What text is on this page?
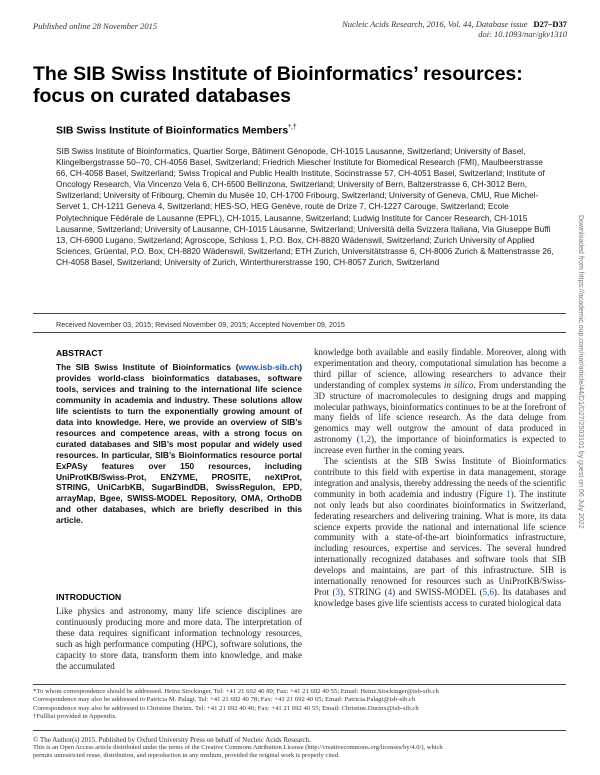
Published online 28 November 2015	Nucleic Acids Research, 2016, Vol. 44, Database issue D27–D37
doi: 10.1093/nar/gkv1310
The SIB Swiss Institute of Bioinformatics’ resources: focus on curated databases
SIB Swiss Institute of Bioinformatics Members*,†
SIB Swiss Institute of Bioinformatics, Quartier Sorge, Bâtiment Génopode, CH-1015 Lausanne, Switzerland; University of Basel, Klingelbergstrasse 50–70, CH-4056 Basel, Switzerland; Friedrich Miescher Institute for Biomedical Research (FMI), Maulbeerstrasse 66, CH-4058 Basel, Switzerland; Swiss Tropical and Public Health Institute, Socinstrasse 57, CH-4051 Basel, Switzerland; Institute of Oncology Research, Via Vincenzo Vela 6, CH-6500 Bellinzona, Switzerland; University of Bern, Baltzerstrasse 6, CH-3012 Bern, Switzerland; University of Fribourg, Chemin du Musée 10, CH-1700 Fribourg, Switzerland; University of Geneva, CMU, Rue Michel-Servet 1, CH-1211 Geneva 4, Switzerland; HES-SO, HEG Genève, route de Drize 7, CH-1227 Carouge, Switzerland; Ecole Polytechnique Fédérale de Lausanne (EPFL), CH-1015, Lausanne, Switzerland; Ludwig Institute for Cancer Research, CH-1015 Lausanne, Switzerland; University of Lausanne, CH-1015 Lausanne, Switzerland; Università della Svizzera Italiana, Via Giuseppe Buffi 13, CH-6900 Lugano, Switzerland; Agroscope, Schloss 1, P.O. Box, CH-8820 Wädenswil, Switzerland; Zurich University of Applied Sciences, Grüental, P.O. Box, CH-8820 Wädenswil, Switzerland; ETH Zurich, Universitätstrasse 6, CH-8006 Zurich & Mattenstrasse 26, CH-4058 Basel, Switzerland; University of Zurich, Winterthurerstrasse 190, CH-8057 Zurich, Switzerland
Received November 03, 2015; Revised November 09, 2015; Accepted November 09, 2015
ABSTRACT
The SIB Swiss Institute of Bioinformatics (www.isb-sib.ch) provides world-class bioinformatics databases, software tools, services and training to the international life science community in academia and industry. These solutions allow life scientists to turn the exponentially growing amount of data into knowledge. Here, we provide an overview of SIB’s resources and competence areas, with a strong focus on curated databases and SIB’s most popular and widely used resources. In particular, SIB’s Bioinformatics resource portal ExPASy features over 150 resources, including UniProtKB/Swiss-Prot, ENZYME, PROSITE, neXtProt, STRING, UniCarbKB, SugarBindDB, SwissRegulon, EPD, arrayMap, Bgee, SWISS-MODEL Repository, OMA, OrthoDB and other databases, which are briefly described in this article.
INTRODUCTION
Like physics and astronomy, many life science disciplines are continuously producing more and more data. The interpretation of these data requires significant information technology resources, such as high performance computing (HPC), software solutions, the capacity to store data, transform them into knowledge, and make the accumulated

knowledge both available and easily findable. Moreover, along with experimentation and theory, computational simulation has become a third pillar of science, allowing researchers to advance their understanding of complex systems in silico. From understanding the 3D structure of macromolecules to designing drugs and mapping molecular pathways, bioinformatics continues to be at the forefront of many fields of life science research. As the data deluge from genomics may well outgrow the amount of data produced in astronomy (1,2), the importance of bioinformatics is expected to increase even further in the coming years.

The scientists at the SIB Swiss Institute of Bioinformatics contribute to this field with expertise in data management, storage integration and analysis, thereby addressing the needs of the scientific community in both academia and industry (Figure 1). The institute not only leads but also coordinates bioinformatics in Switzerland, federating researchers and delivering training. What is more, its data science experts provide the national and international life science community with a state-of-the-art bioinformatics infrastructure, including resources, expertise and services. The several hundred internationally recognized databases and software tools that SIB develops and maintains, are part of this infrastructure. SIB is internationally renowned for resources such as UniProtKB/Swiss-Prot (3), STRING (4) and SWISS-MODEL (5,6). Its databases and knowledge bases give life scientists access to curated biological data

*To whom correspondence should be addressed. Heinz Stockinger. Tel: +41 21 692 40 89; Fax: +41 21 692 40 55; Email: Heinz.Stockinger@isb-sib.ch
Correspondence may also be addressed to Patricia M. Palagi. Tel: +41 21 692 40 78; Fax: +41 21 692 40 65; Email: Patricia.Palagi@isb-sib.ch
Correspondence may also be addressed to Christine Durinx. Tel: +41 21 692 40 46; Fax: +41 21 692 40 55; Email: Christine.Durinx@isb-sib.ch
†Fulllist provided in Appendix.
© The Author(s) 2015. Published by Oxford University Press on behalf of Nucleic Acids Research.
This is an Open Access article distributed under the terms of the Creative Commons Attribution License (http://creativecommons.org/licenses/by/4.0/), which
permits unrestricted reuse, distribution, and reproduction in any medium, provided the original work is properly cited.
Downloaded from https://academic.oup.com/nar/article/44/D1/D27/2503101 by guest on 06 July 2022
